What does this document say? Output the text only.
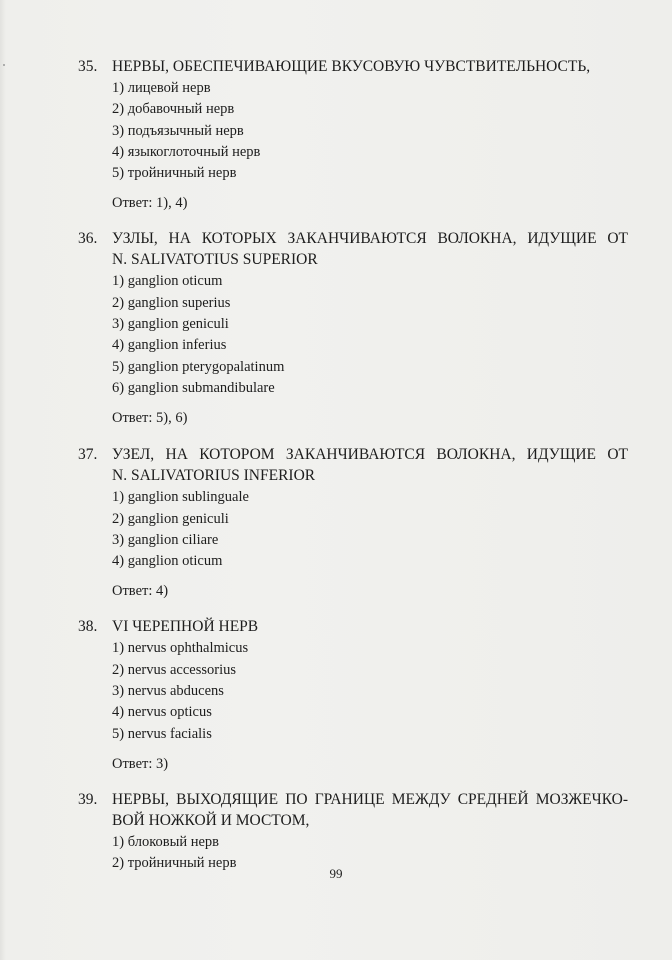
35. НЕРВЫ, ОБЕСПЕЧИВАЮЩИЕ ВКУСОВУЮ ЧУВСТВИТЕЛЬНОСТЬ,
1) лицевой нерв
2) добавочный нерв
3) подъязычный нерв
4) языкоглоточный нерв
5) тройничный нерв
Ответ: 1), 4)
36. УЗЛЫ, НА КОТОРЫХ ЗАКАНЧИВАЮТСЯ ВОЛОКНА, ИДУЩИЕ ОТ
N. SALIVATOTIUS SUPERIOR
1) ganglion oticum
2) ganglion superius
3) ganglion geniculi
4) ganglion inferius
5) ganglion pterygopalatinum
6) ganglion submandibulare
Ответ: 5), 6)
37. УЗЕЛ, НА КОТОРОМ ЗАКАНЧИВАЮТСЯ ВОЛОКНА, ИДУЩИЕ ОТ
N. SALIVATORIUS INFERIOR
1) ganglion sublinguale
2) ganglion geniculi
3) ganglion ciliare
4) ganglion oticum
Ответ: 4)
38. VI ЧЕРЕПНОЙ НЕРВ
1) nervus ophthalmicus
2) nervus accessorius
3) nervus abducens
4) nervus opticus
5) nervus facialis
Ответ: 3)
39. НЕРВЫ, ВЫХОДЯЩИЕ ПО ГРАНИЦЕ МЕЖДУ СРЕДНЕЙ МОЗЖЕЧКО-
ВОЙ НОЖКОЙ И МОСТОМ,
1) блоковый нерв
2) тройничный нерв
99
